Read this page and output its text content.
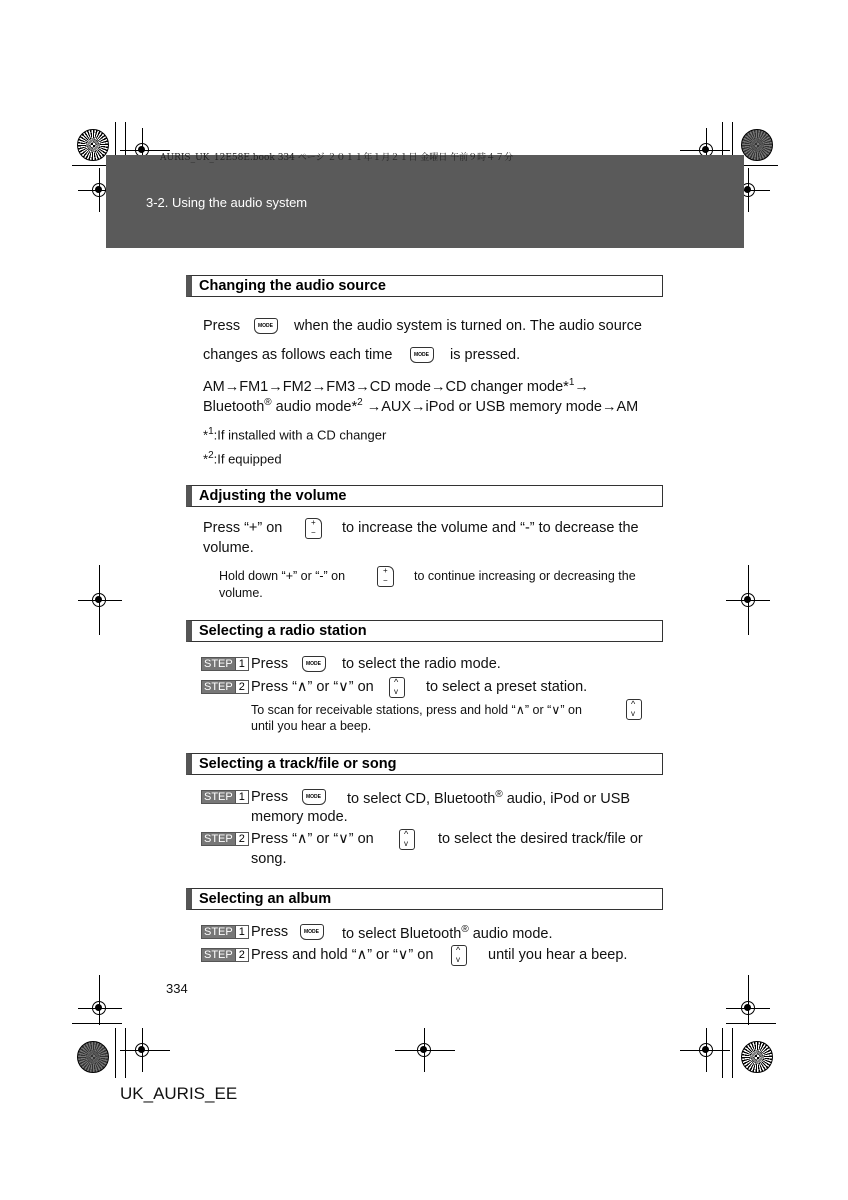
AURIS_UK_12E58E.book 334 ページ ２０１１年１月２１日 金曜日 午前９時４７分
3-2. Using the audio system
Changing the audio source
Press MODE	when the audio system is turned on. The audio source
changes as follows each time MODE	is pressed.
AM→FM1→FM2→FM3→CD mode→CD changer mode*$^1$→
Bluetooth® audio mode*$^2$ →AUX→iPod or USB memory mode→AM
*$^1$:If installed with a CD changer
*$^2$:If equipped
Adjusting the volume
Press “+” on + −	to increase the volume and “-” to decrease the
volume.
Hold down “+” or “-” on + −	to continue increasing or decreasing the
volume.
Selecting a radio station
STEP 1 Press MODE	to select the radio mode.
STEP 2 Press “∧” or “∨” on ^ v	to select a preset station.
To scan for receivable stations, press and hold “∧” or “∨” on
^ v
until you hear a beep.
Selecting a track/file or song
STEP 1 Press MODE	to select CD, Bluetooth® audio, iPod or USB
memory mode.
STEP 2 Press “∧” or “∨” on ^ v	to select the desired track/file or
song.
Selecting an album
STEP 1 Press MODE	to select Bluetooth® audio mode.
STEP 2 Press and hold “∧” or “∨” on ^ v	until you hear a beep.
334
UK_AURIS_EE
